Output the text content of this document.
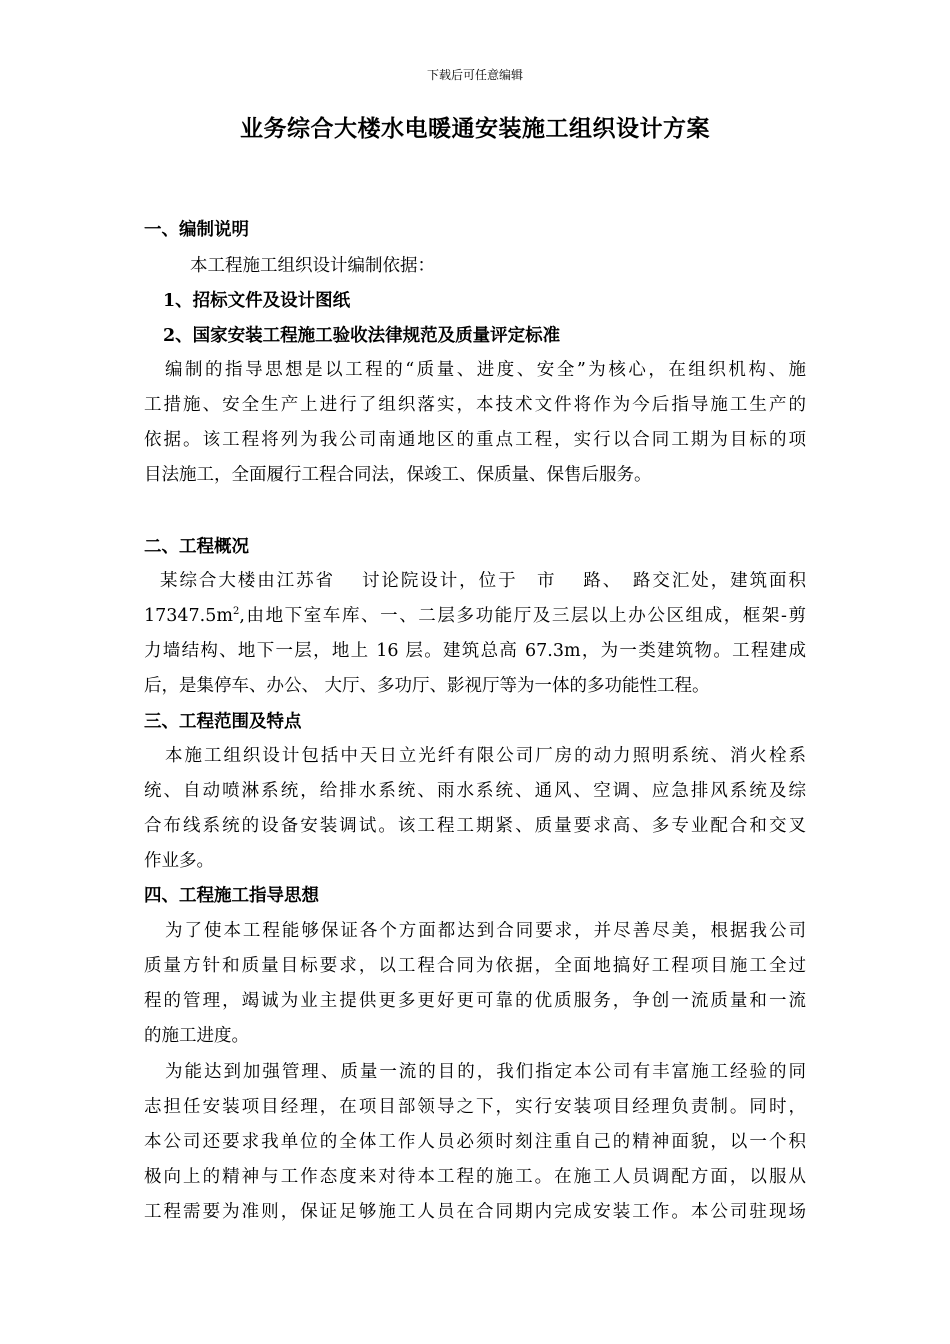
下载后可任意编辑
业务综合大楼水电暖通安装施工组织设计方案
一、编制说明
本工程施工组织设计编制依据：
1、招标文件及设计图纸
2、国家安装工程施工验收法律规范及质量评定标准
编制的指导思想是以工程的“质量、进度、安全”为核心，在组织机构、施
工措施、安全生产上进行了组织落实，本技术文件将作为今后指导施工生产的
依据。该工程将列为我公司南通地区的重点工程，实行以合同工期为目标的项
目法施工，全面履行工程合同法，保竣工、保质量、保售后服务。
二、工程概况
某综合大楼由江苏省　 讨论院设计，位于　市　 路、　路交汇处，建筑面积
$17347.5m^2$,由地下室车库、一、二层多功能厅及三层以上办公区组成，框架-剪
力墙结构、地下一层，地上 16 层。建筑总高 67.3m，为一类建筑物。工程建成
后，是集停车、办公、 大厅、多功厅、影视厅等为一体的多功能性工程。
三、工程范围及特点
本施工组织设计包括中天日立光纤有限公司厂房的动力照明系统、消火栓系
统、自动喷淋系统，给排水系统、雨水系统、通风、空调、应急排风系统及综
合布线系统的设备安装调试。该工程工期紧、质量要求高、多专业配合和交叉
作业多。
四、工程施工指导思想
为了使本工程能够保证各个方面都达到合同要求，并尽善尽美，根据我公司
质量方针和质量目标要求，以工程合同为依据，全面地搞好工程项目施工全过
程的管理，竭诚为业主提供更多更好更可靠的优质服务，争创一流质量和一流
的施工进度。
为能达到加强管理、质量一流的目的，我们指定本公司有丰富施工经验的同
志担任安装项目经理，在项目部领导之下，实行安装项目经理负责制。同时，
本公司还要求我单位的全体工作人员必须时刻注重自己的精神面貌，以一个积
极向上的精神与工作态度来对待本工程的施工。在施工人员调配方面，以服从
工程需要为准则，保证足够施工人员在合同期内完成安装工作。本公司驻现场
